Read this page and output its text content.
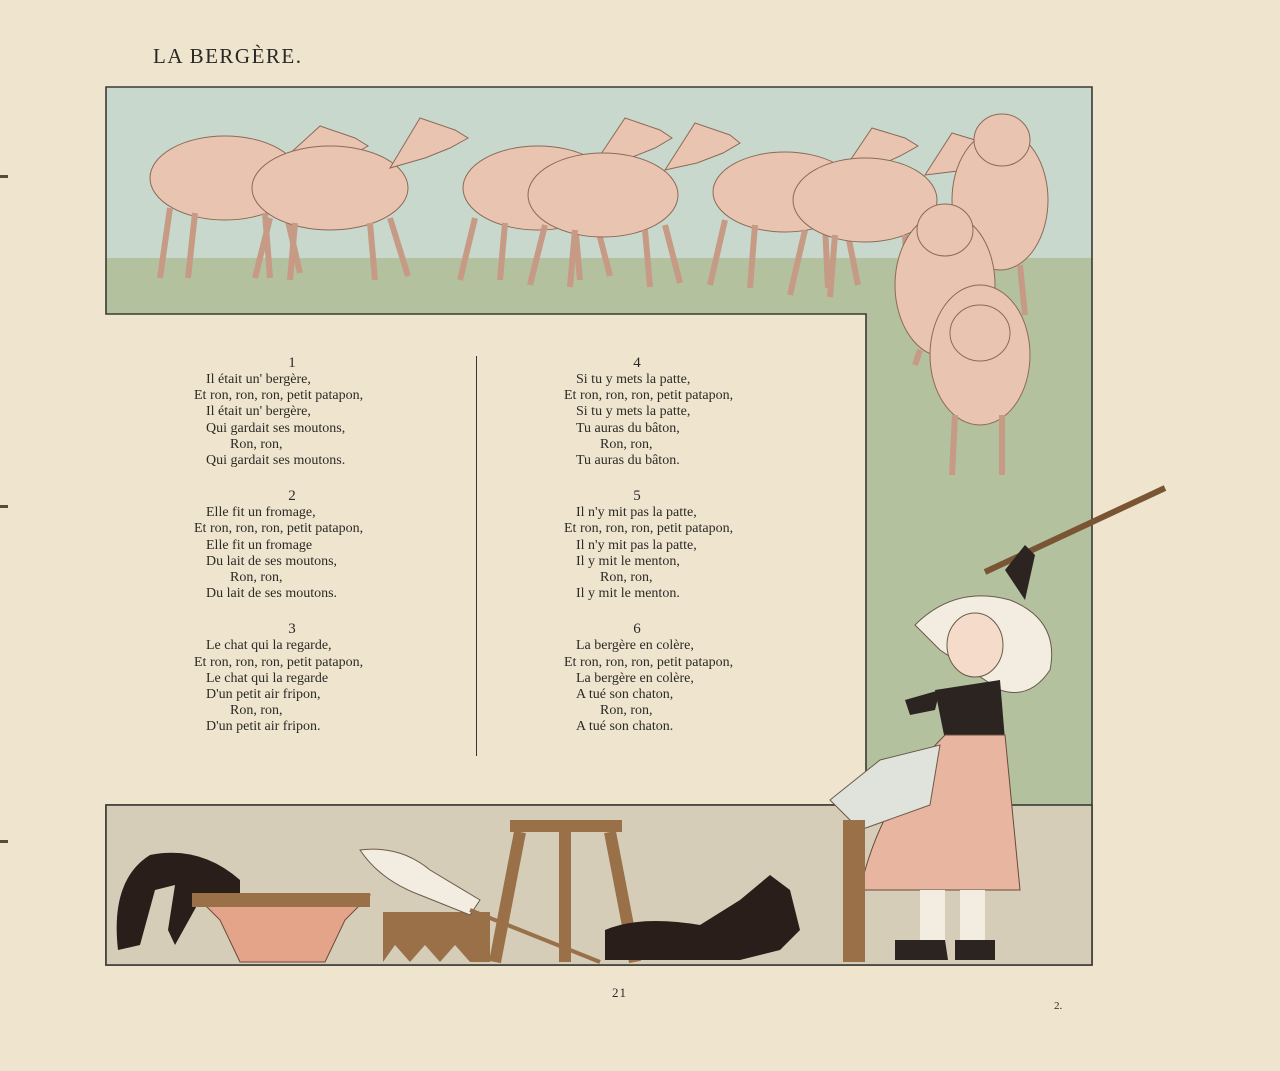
LA BERGÈRE.
1
Il était un' bergère,
Et ron, ron, ron, petit patapon,
Il était un' bergère,
Qui gardait ses moutons,
Ron, ron,
Qui gardait ses moutons.
2
Elle fit un fromage,
Et ron, ron, ron, petit patapon,
Elle fit un fromage
Du lait de ses moutons,
Ron, ron,
Du lait de ses moutons.
3
Le chat qui la regarde,
Et ron, ron, ron, petit patapon,
Le chat qui la regarde
D'un petit air fripon,
Ron, ron,
D'un petit air fripon.
4
Si tu y mets la patte,
Et ron, ron, ron, petit patapon,
Si tu y mets la patte,
Tu auras du bâton,
Ron, ron,
Tu auras du bâton.
5
Il n'y mit pas la patte,
Et ron, ron, ron, petit patapon,
Il n'y mit pas la patte,
Il y mit le menton,
Ron, ron,
Il y mit le menton.
6
La bergère en colère,
Et ron, ron, ron, petit patapon,
La bergère en colère,
A tué son chaton,
Ron, ron,
A tué son chaton.
21
2.
